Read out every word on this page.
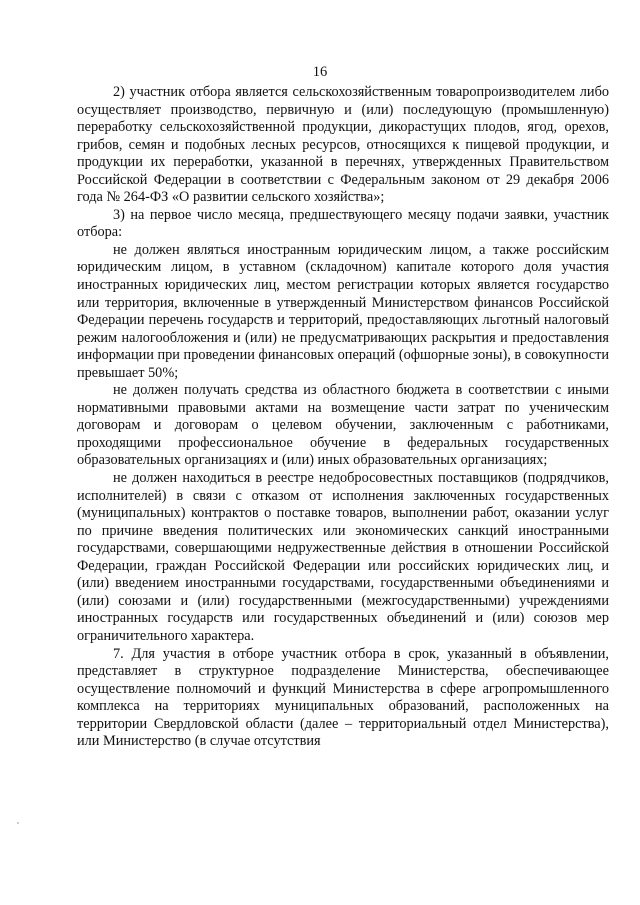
16

2) участник отбора является сельскохозяйственным товаропроизводителем либо осуществляет производство, первичную и (или) последующую (промышленную) переработку сельскохозяйственной продукции, дикорастущих плодов, ягод, орехов, грибов, семян и подобных лесных ресурсов, относящихся к пищевой продукции, и продукции их переработки, указанной в перечнях, утвержденных Правительством Российской Федерации в соответствии с Федеральным законом от 29 декабря 2006 года № 264-ФЗ «О развитии сельского хозяйства»;

3) на первое число месяца, предшествующего месяцу подачи заявки, участник отбора:

не должен являться иностранным юридическим лицом, а также российским юридическим лицом, в уставном (складочном) капитале которого доля участия иностранных юридических лиц, местом регистрации которых является государство или территория, включенные в утвержденный Министерством финансов Российской Федерации перечень государств и территорий, предоставляющих льготный налоговый режим налогообложения и (или) не предусматривающих раскрытия и предоставления информации при проведении финансовых операций (офшорные зоны), в совокупности превышает 50%;

не должен получать средства из областного бюджета в соответствии с иными нормативными правовыми актами на возмещение части затрат по ученическим договорам и договорам о целевом обучении, заключенным с работниками, проходящими профессиональное обучение в федеральных государственных образовательных организациях и (или) иных образовательных организациях;

не должен находиться в реестре недобросовестных поставщиков (подрядчиков, исполнителей) в связи с отказом от исполнения заключенных государственных (муниципальных) контрактов о поставке товаров, выполнении работ, оказании услуг по причине введения политических или экономических санкций иностранными государствами, совершающими недружественные действия в отношении Российской Федерации, граждан Российской Федерации или российских юридических лиц, и (или) введением иностранными государствами, государственными объединениями и (или) союзами и (или) государственными (межгосударственными) учреждениями иностранных государств или государственных объединений и (или) союзов мер ограничительного характера.

7. Для участия в отборе участник отбора в срок, указанный в объявлении, представляет в структурное подразделение Министерства, обеспечивающее осуществление полномочий и функций Министерства в сфере агропромышленного комплекса на территориях муниципальных образований, расположенных на территории Свердловской области (далее – территориальный отдел Министерства), или Министерство (в случае отсутствия
